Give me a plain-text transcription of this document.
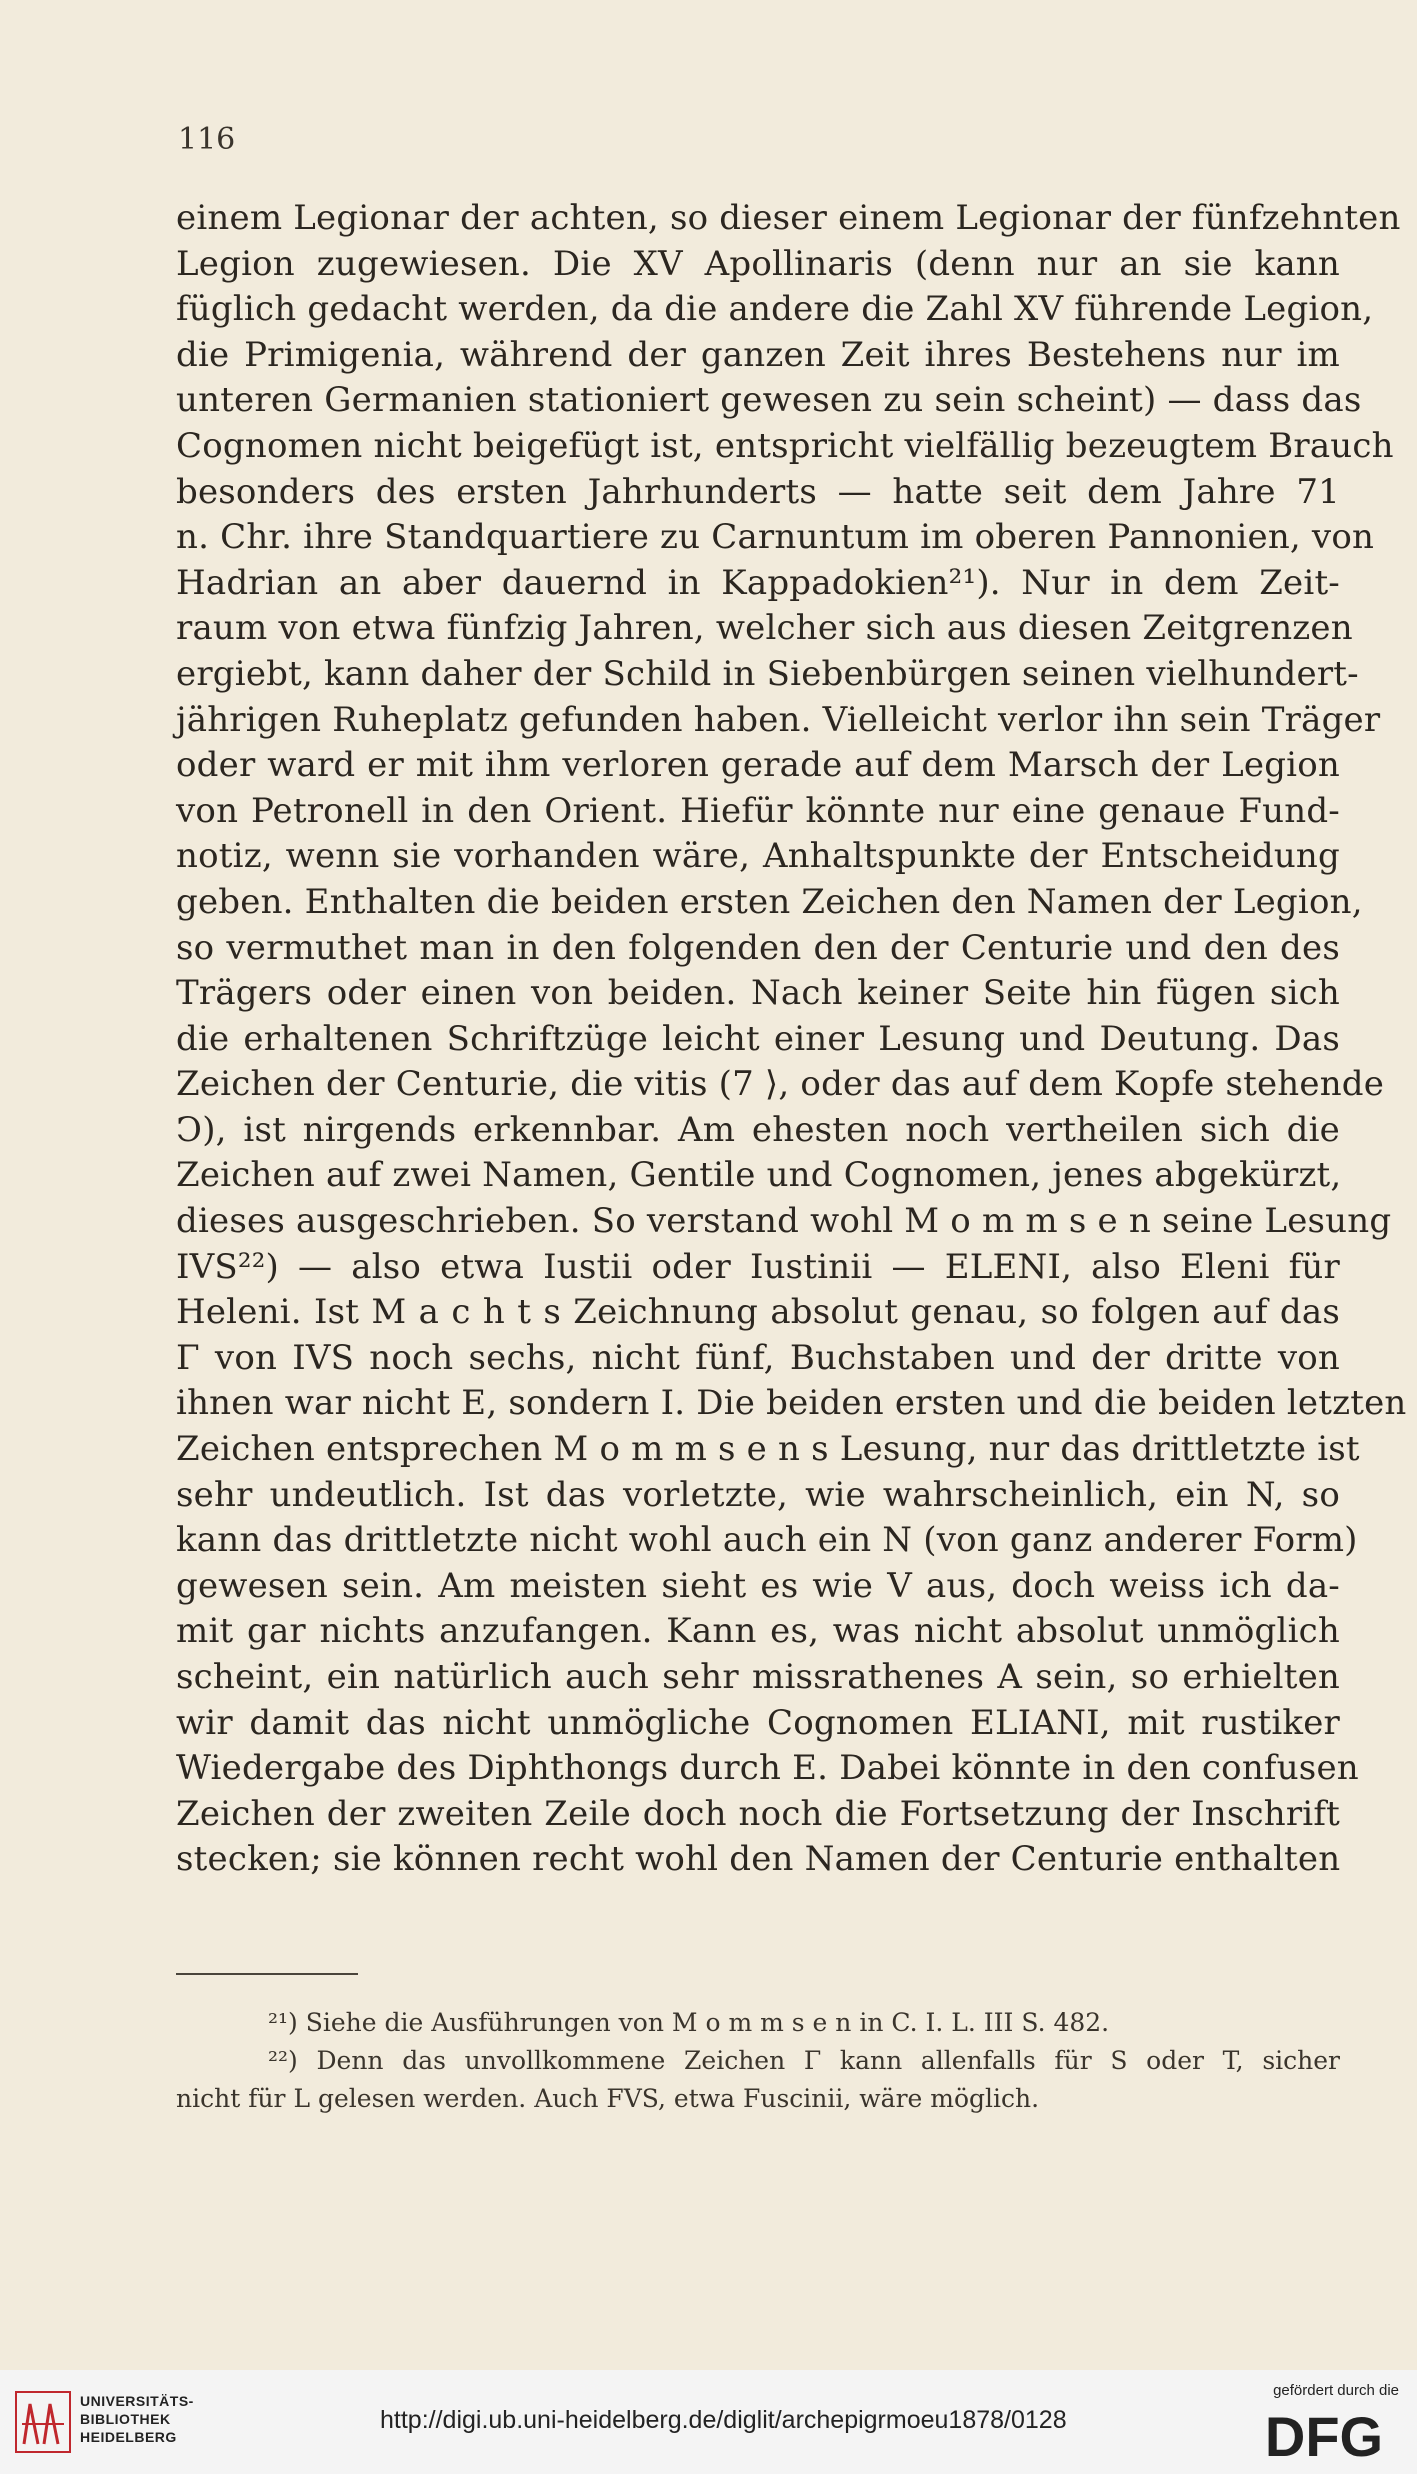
116
einem Legionar der achten, so dieser einem Legionar der fünfzehnten
Legion zugewiesen. Die XV Apollinaris (denn nur an sie kann
füglich gedacht werden, da die andere die Zahl XV führende Legion,
die Primigenia, während der ganzen Zeit ihres Bestehens nur im
unteren Germanien stationiert gewesen zu sein scheint) — dass das
Cognomen nicht beigefügt ist, entspricht vielfällig bezeugtem Brauch
besonders des ersten Jahrhunderts — hatte seit dem Jahre 71
n. Chr. ihre Standquartiere zu Carnuntum im oberen Pannonien, von
Hadrian an aber dauernd in Kappadokien²¹). Nur in dem Zeit-
raum von etwa fünfzig Jahren, welcher sich aus diesen Zeitgrenzen
ergiebt, kann daher der Schild in Siebenbürgen seinen vielhundert-
jährigen Ruheplatz gefunden haben. Vielleicht verlor ihn sein Träger
oder ward er mit ihm verloren gerade auf dem Marsch der Legion
von Petronell in den Orient. Hiefür könnte nur eine genaue Fund-
notiz, wenn sie vorhanden wäre, Anhaltspunkte der Entscheidung
geben. Enthalten die beiden ersten Zeichen den Namen der Legion,
so vermuthet man in den folgenden den der Centurie und den des
Trägers oder einen von beiden. Nach keiner Seite hin fügen sich
die erhaltenen Schriftzüge leicht einer Lesung und Deutung. Das
Zeichen der Centurie, die vitis (7 ⟩, oder das auf dem Kopfe stehende
Ͻ), ist nirgends erkennbar. Am ehesten noch vertheilen sich die
Zeichen auf zwei Namen, Gentile und Cognomen, jenes abgekürzt,
dieses ausgeschrieben. So verstand wohl M o m m s e n seine Lesung
IVS²²) — also etwa Iustii oder Iustinii — ELENI, also Eleni für
Heleni. Ist M a c h t s Zeichnung absolut genau, so folgen auf das
Γ von IVS noch sechs, nicht fünf, Buchstaben und der dritte von
ihnen war nicht E, sondern I. Die beiden ersten und die beiden letzten
Zeichen entsprechen M o m m s e n s Lesung, nur das drittletzte ist
sehr undeutlich. Ist das vorletzte, wie wahrscheinlich, ein N, so
kann das drittletzte nicht wohl auch ein N (von ganz anderer Form)
gewesen sein. Am meisten sieht es wie V aus, doch weiss ich da-
mit gar nichts anzufangen. Kann es, was nicht absolut unmöglich
scheint, ein natürlich auch sehr missrathenes A sein, so erhielten
wir damit das nicht unmögliche Cognomen ELIANI, mit rustiker
Wiedergabe des Diphthongs durch E. Dabei könnte in den confusen
Zeichen der zweiten Zeile doch noch die Fortsetzung der Inschrift
stecken; sie können recht wohl den Namen der Centurie enthalten
²¹) Siehe die Ausführungen von M o m m s e n in C. I. L. III S. 482.
²²) Denn das unvollkommene Zeichen Γ kann allenfalls für S oder T, sicher
nicht für L gelesen werden. Auch FVS, etwa Fuscinii, wäre möglich.
UNIVERSITÄTS-
BIBLIOTHEK
HEIDELBERG
http://digi.ub.uni-heidelberg.de/diglit/archepigrmoeu1878/0128
gefördert durch die
DFG
